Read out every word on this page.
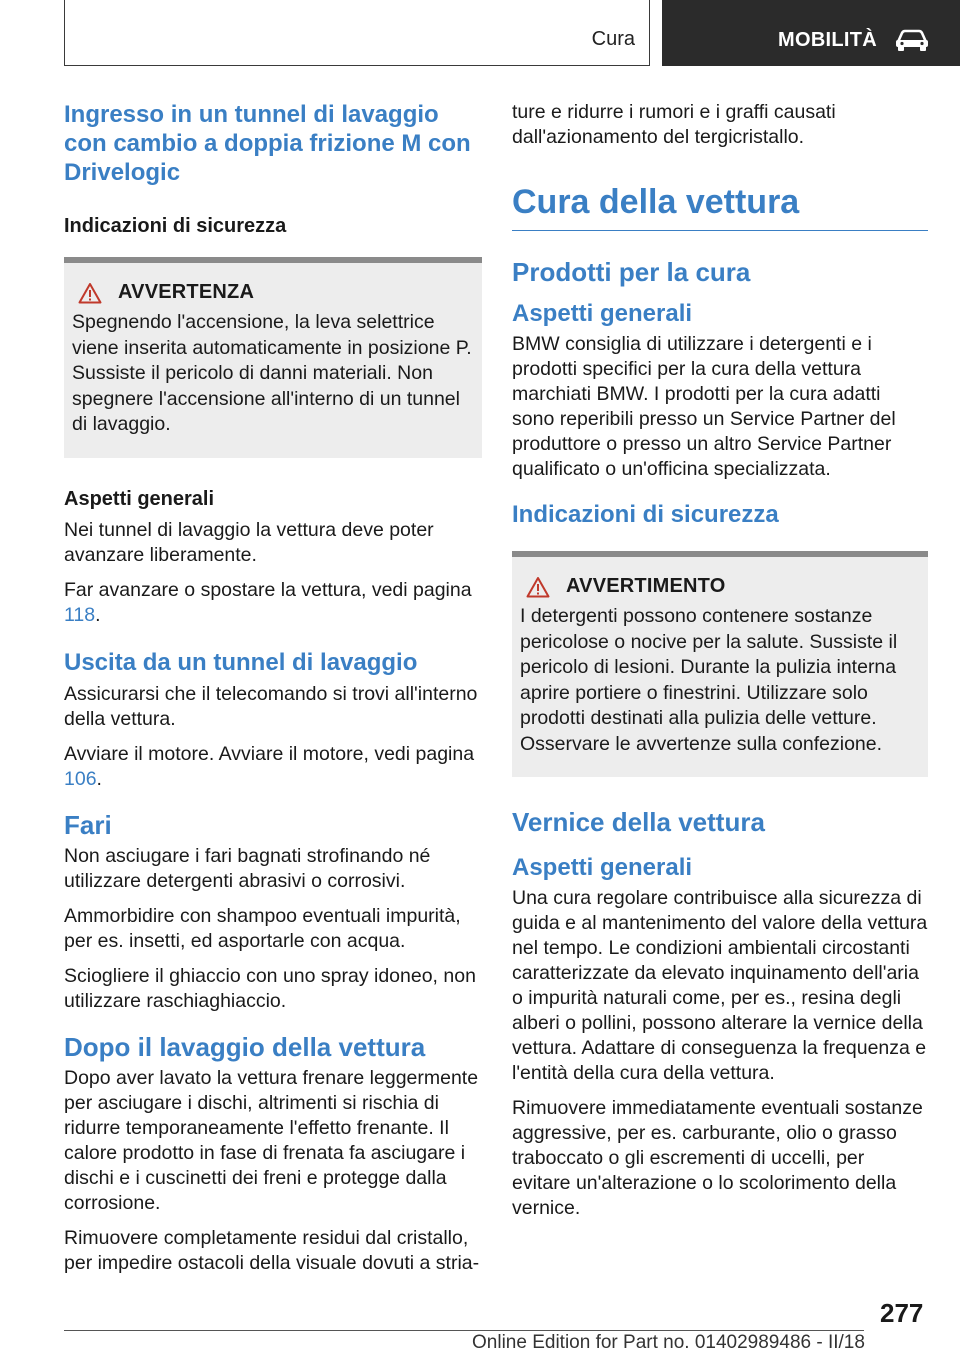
Cura	MOBILITÀ
Ingresso in un tunnel di lavaggio con cambio a doppia frizione M con Drivelogic
Indicazioni di sicurezza
AVVERTENZA

Spegnendo l'accensione, la leva selettrice viene inserita automaticamente in posizione P. Sussiste il pericolo di danni materiali. Non spegnere l'accensione all'interno di un tunnel di lavaggio.

Aspetti generali

Nei tunnel di lavaggio la vettura deve poter avanzare liberamente.

Far avanzare o spostare la vettura, vedi pagina 118.

Uscita da un tunnel di lavaggio

Assicurarsi che il telecomando si trovi all'interno della vettura.

Avviare il motore. Avviare il motore, vedi pagina 106.

Fari

Non asciugare i fari bagnati strofinando né utilizzare detergenti abrasivi o corrosivi.

Ammorbidire con shampoo eventuali impurità, per es. insetti, ed asportarle con acqua.

Sciogliere il ghiaccio con uno spray idoneo, non utilizzare raschiaghiaccio.

Dopo il lavaggio della vettura

Dopo aver lavato la vettura frenare leggermente per asciugare i dischi, altrimenti si rischia di ridurre temporaneamente l'effetto frenante. Il calore prodotto in fase di frenata fa asciugare i dischi e i cuscinetti dei freni e protegge dalla corrosione.

Rimuovere completamente residui dal cristallo, per impedire ostacoli della visuale dovuti a stria-

ture e ridurre i rumori e i graffi causati dall'azionamento del tergicristallo.

Cura della vettura
Prodotti per la cura
Aspetti generali

BMW consiglia di utilizzare i detergenti e i prodotti specifici per la cura della vettura marchiati BMW. I prodotti per la cura adatti sono reperibili presso un Service Partner del produttore o presso un altro Service Partner qualificato o un'officina specializzata.

Indicazioni di sicurezza
AVVERTIMENTO

I detergenti possono contenere sostanze pericolose o nocive per la salute. Sussiste il pericolo di lesioni. Durante la pulizia interna aprire portiere o finestrini. Utilizzare solo prodotti destinati alla pulizia delle vetture. Osservare le avvertenze sulla confezione.

Vernice della vettura
Aspetti generali

Una cura regolare contribuisce alla sicurezza di guida e al mantenimento del valore della vettura nel tempo. Le condizioni ambientali circostanti caratterizzate da elevato inquinamento dell'aria o impurità naturali come, per es., resina degli alberi o pollini, possono alterare la vernice della vettura. Adattare di conseguenza la frequenza e l'entità della cura della vettura.

Rimuovere immediatamente eventuali sostanze aggressive, per es. carburante, olio o grasso traboccato o gli escrementi di uccelli, per evitare un'alterazione o lo scolorimento della vernice.

277
Online Edition for Part no. 01402989486 - II/18
